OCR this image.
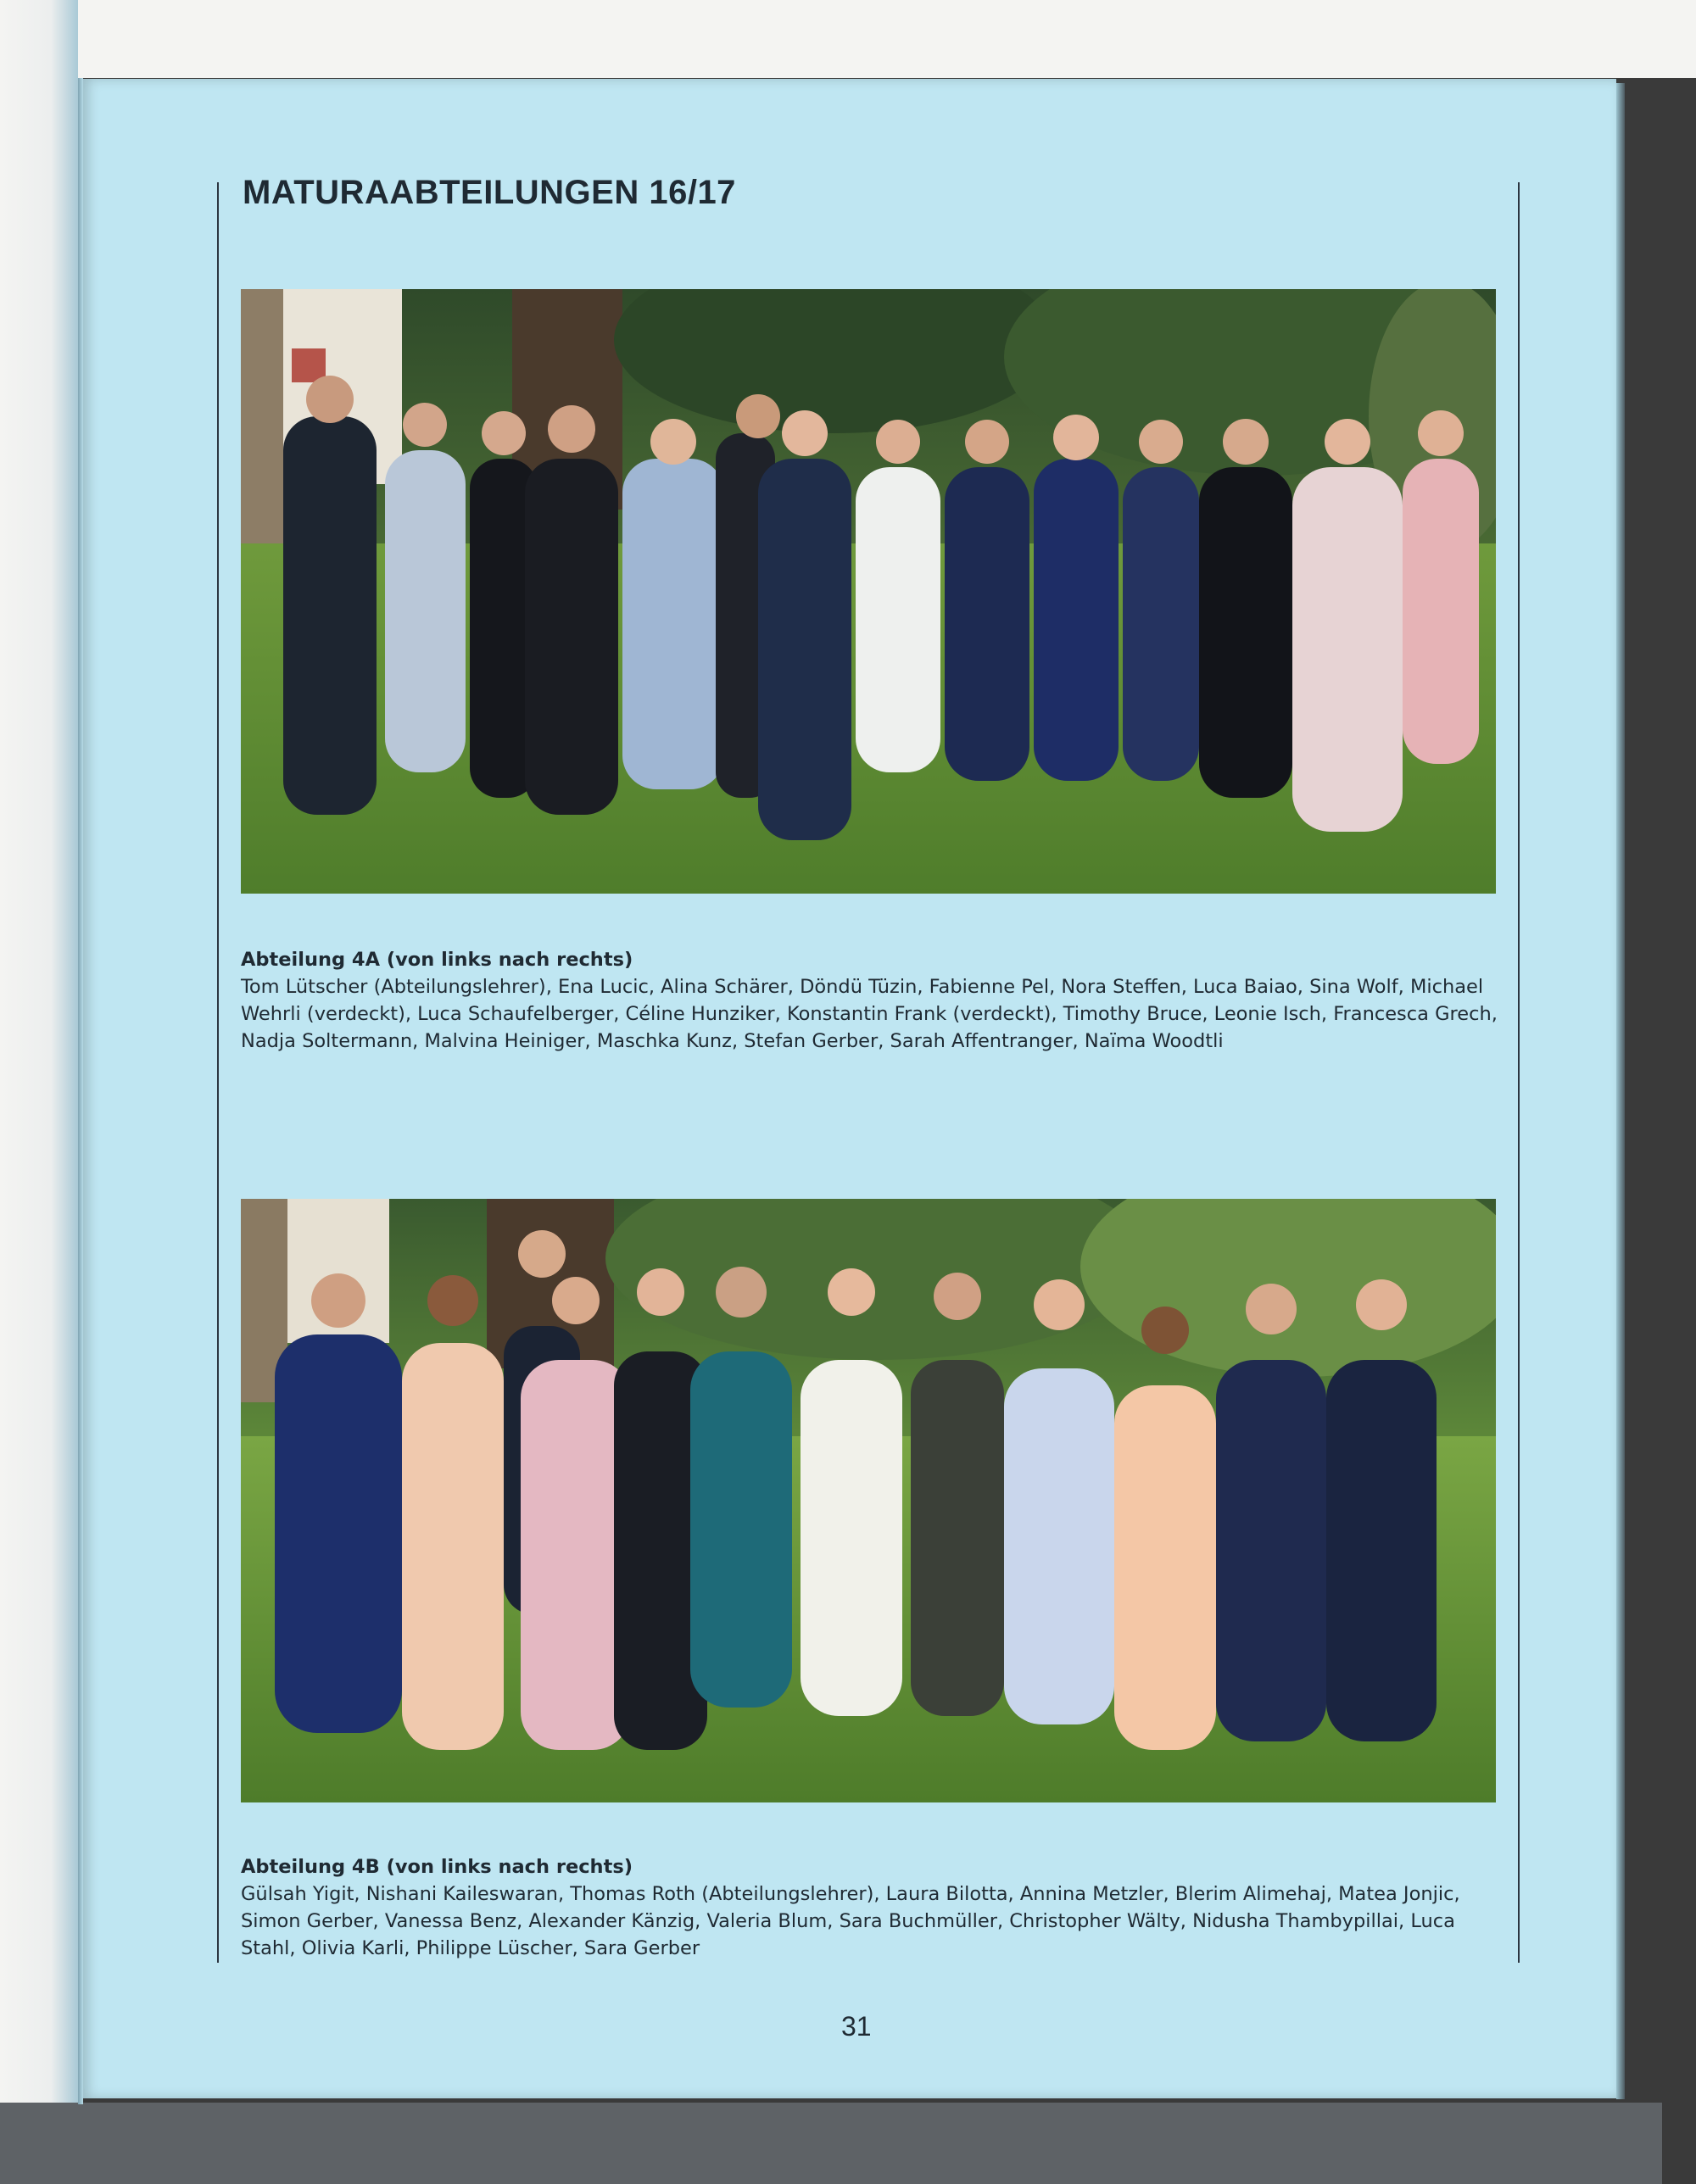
MATURAABTEILUNGEN 16/17
Abteilung 4A (von links nach rechts)
Tom Lütscher (Abteilungslehrer), Ena Lucic, Alina Schärer, Döndü Tüzin, Fabienne Pel, Nora Steffen, Luca Baiao, Sina Wolf, Michael Wehrli (verdeckt), Luca Schaufelberger, Céline Hunziker, Konstantin Frank (verdeckt), Timothy Bruce, Leonie Isch, Francesca Grech, Nadja Soltermann, Malvina Heiniger, Maschka Kunz, Stefan Gerber, Sarah Affentranger, Naïma Woodtli
Abteilung 4B (von links nach rechts)
Gülsah Yigit, Nishani Kaileswaran, Thomas Roth (Abteilungslehrer), Laura Bilotta, Annina Metzler, Blerim Alimehaj, Matea Jonjic, Simon Gerber, Vanessa Benz, Alexander Känzig, Valeria Blum, Sara Buchmüller, Christopher Wälty, Nidusha Thambypillai, Luca Stahl, Olivia Karli, Philippe Lüscher, Sara Gerber
31
